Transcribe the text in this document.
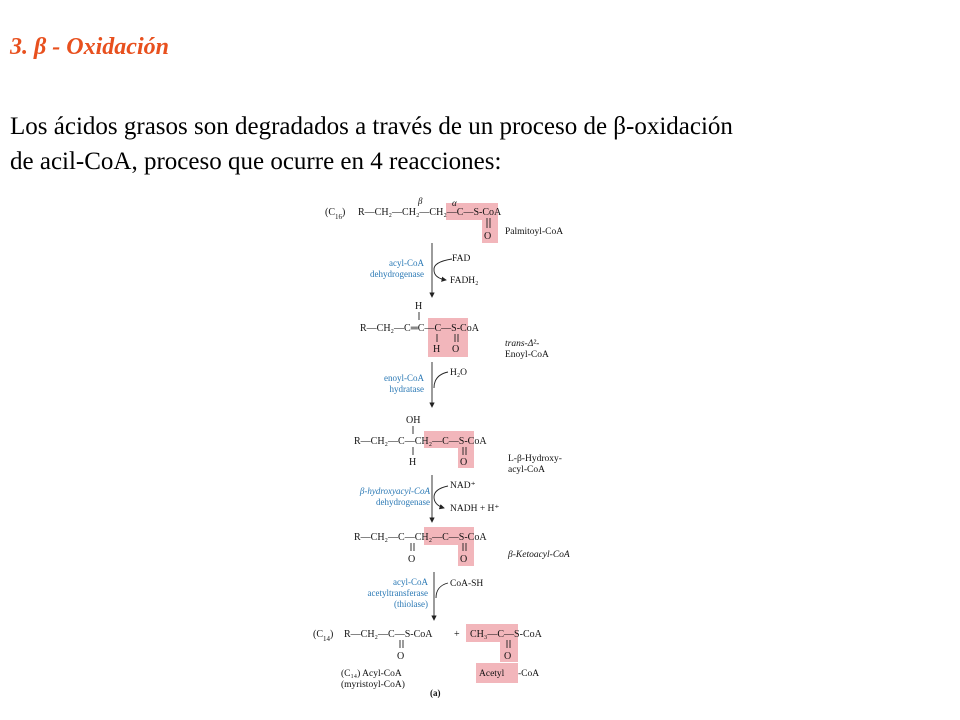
3. β - Oxidación
Los ácidos grasos son degradados a través de un proceso de β-oxidación
de acil-CoA, proceso que ocurre en 4 reacciones:
$(C_{16})$
β	α
R—CH₂—CH₂—CH₂—C—S-CoA
O Palmitoyl-CoA
acyl-CoA
dehydrogenase
FAD
FADH₂
H
R—CH₂—C═C—C—S-CoA
H O	trans-Δ²-
Enoyl-CoA
enoyl-CoA
hydratase
H₂O
OH
R—CH₂—C—CH₂—C—S-CoA
H	O	L-β-Hydroxy-
acyl-CoA
β-hydroxyacyl-CoA
dehydrogenase
NAD⁺
NADH + H⁺
R—CH₂—C—CH₂—C—S-CoA
O	O	β-Ketoacyl-CoA
acyl-CoA
acetyltransferase
(thiolase)
CoA-SH
$(C_{14})$ R—CH₂—C—S-CoA
O
+ CH₃—C—S-CoA
O
(C₁₄) Acyl-CoA
(myristoyl-CoA)
Acetyl -CoA
(a)
